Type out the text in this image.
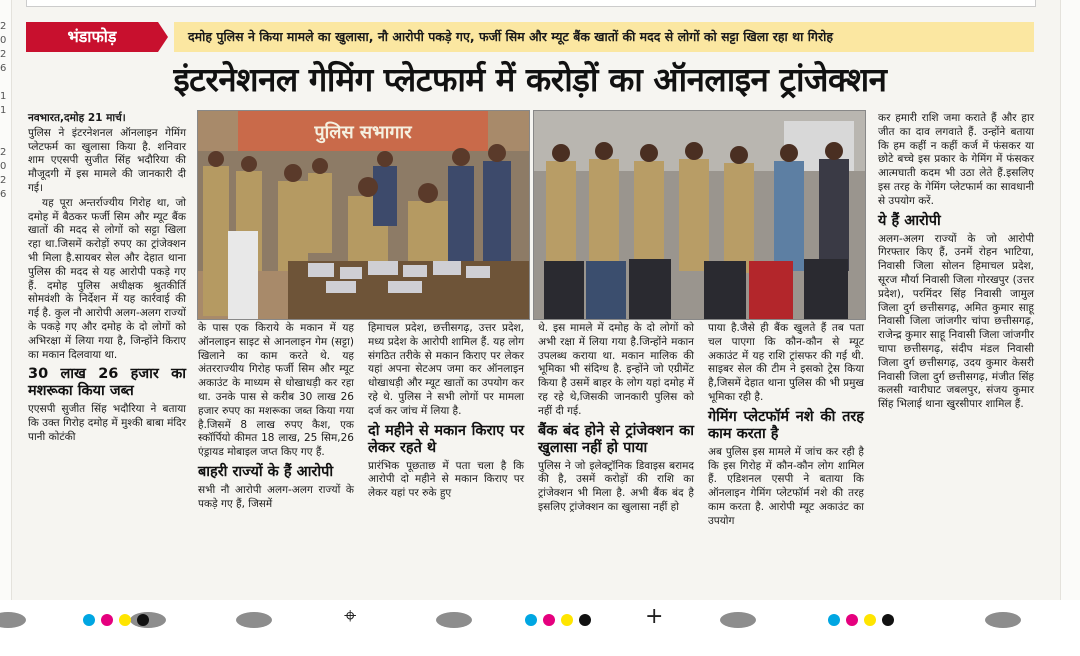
2
0
2
6

1
1

2
0
2
6

भंडाफोड़	दमोह पुलिस ने किया मामले का खुलासा, नौ आरोपी पकड़े गए, फर्जी सिम और म्यूट बैंक खातों की मदद से लोगों को सट्टा खिला रहा था गिरोह
इंटरनेशनल गेमिंग प्लेटफार्म में करोड़ों का ऑनलाइन ट्रांजेक्शन

नवभारत,दमोह 21 मार्च।

पुलिस ने इंटरनेशनल ऑनलाइन गेमिंग प्लेटफर्म का खुलासा किया है. शनिवार शाम एएसपी सुजीत सिंह भदौरिया की मौजूदगी में इस मामले की जानकारी दी गई।

यह पूरा अन्तर्राज्यीय गिरोह था, जो दमोह में बैठकर फर्जी सिम और म्यूट बैंक खातों की मदद से लोगों को सट्टा खिला रहा था.जिसमें करोड़ों रुपए का ट्रांजेक्शन भी मिला है.सायबर सेल और देहात थाना पुलिस की मदद से यह आरोपी पकड़े गए हैं. दमोह पुलिस अधीक्षक श्रुतकीर्ति सोमवंशी के निर्देशन में यह कार्रवाई की गई है. कुल नौ आरोपी अलग-अलग राज्यों के पकड़े गए और दमोह के दो लोगों को अभिरक्षा में लिया गया है, जिन्होंने किराए का मकान दिलवाया था.

30 लाख 26 हजार का मशरूका किया जब्त

एएसपी सुजीत सिंह भदौरिया ने बताया कि उक्त गिरोह दमोह में मुश्की बाबा मंदिर पानी कोटंकी

पुलिस सभागार

के पास एक किराये के मकान में यह ऑनलाइन साइट से आनलाइन गेम (सट्टा) खिलाने का काम करते थे. यह अंतरराज्यीय गिरोह फर्जी सिम और म्यूट अकाउंट के माध्यम से धोखाधड़ी कर रहा था. उनके पास से करीब 30 लाख 26 हजार रुपए का मशरूका जब्त किया गया है.जिसमें 8 लाख रुपए कैश, एक स्कॉर्पियो कीमत 18 लाख, 25 सिम,26 एंड्रायड मोबाइल जप्त किए गए हैं.

बाहरी राज्यों के हैं आरोपी

सभी नौ आरोपी अलग-अलग राज्यों के पकड़े गए हैं, जिसमें

हिमाचल प्रदेश, छत्तीसगढ़, उत्तर प्रदेश, मध्य प्रदेश के आरोपी शामिल हैं. यह लोग संगठित तरीके से मकान किराए पर लेकर यहां अपना सेटअप जमा कर ऑनलाइन धोखाधड़ी और म्यूट खातों का उपयोग कर रहे थे. पुलिस ने सभी लोगों पर मामला दर्ज कर जांच में लिया है.

दो महीने से मकान किराए पर लेकर रहते थे

प्रारंभिक पूछताछ में पता चला है कि आरोपी दो महीने से मकान किराए पर लेकर यहां पर रुके हुए

थे. इस मामले में दमोह के दो लोगों को अभी रक्षा में लिया गया है.जिन्होंने मकान उपलब्ध कराया था. मकान मालिक की भूमिका भी संदिग्ध है. इन्होंने जो एग्रीमेंट किया है उसमें बाहर के लोग यहां दमोह में रह रहे थे,जिसकी जानकारी पुलिस को नहीं दी गई.

बैंक बंद होने से ट्रांजेक्शन का खुलासा नहीं हो पाया

पुलिस ने जो इलेक्ट्रॉनिक डिवाइस बरामद की है, उसमें करोड़ों की राशि का ट्रांजेक्शन भी मिला है. अभी बैंक बंद है इसलिए ट्रांजेक्शन का खुलासा नहीं हो

पाया है.जैसे ही बैंक खुलते हैं तब पता चल पाएगा कि कौन-कौन से म्यूट अकाउंट में यह राशि ट्रांसफर की गई थी. साइबर सेल की टीम ने इसको ट्रेस किया है,जिसमें देहात थाना पुलिस की भी प्रमुख भूमिका रही है.

गेमिंग प्लेटफॉर्म नशे की तरह काम करता है

अब पुलिस इस मामले में जांच कर रही है कि इस गिरोह में कौन-कौन लोग शामिल हैं. एडिशनल एसपी ने बताया कि ऑनलाइन गेमिंग प्लेटफॉर्म नशे की तरह काम करता है. आरोपी म्यूट अकाउंट का उपयोग

कर हमारी राशि जमा कराते हैं और हार जीत का दाव लगवाते हैं. उन्होंने बताया कि हम कहीं न कहीं कर्ज में फंसकर या छोटे बच्चे इस प्रकार के गेमिंग में फंसकर आत्मघाती कदम भी उठा लेते हैं.इसलिए इस तरह के गेमिंग प्लेटफार्म का सावधानी से उपयोग करें.

ये हैं आरोपी

अलग-अलग राज्यों के जो आरोपी गिरफ्तार किए हैं, उनमें रोहन भाटिया, निवासी जिला सोलन हिमाचल प्रदेश, सूरज मौर्या निवासी जिला गोरखपुर (उत्तर प्रदेश), परमिंदर सिंह निवासी जामुल जिला दुर्ग छत्तीसगढ़, अमित कुमार साहू निवासी जिला जांजगीर चांपा छत्तीसगढ़, राजेन्द्र कुमार साहू निवासी जिला जांजगीर चापा छत्तीसगढ़, संदीप मंडल निवासी जिला दुर्ग छत्तीसगढ़, उदय कुमार केसरी निवासी जिला दुर्ग छत्तीसगढ़, मंजीत सिंह कलसी ग्वारीघाट जबलपुर, संजय कुमार सिंह भिलाई थाना खुरसीपार शामिल हैं.

⌖	+
